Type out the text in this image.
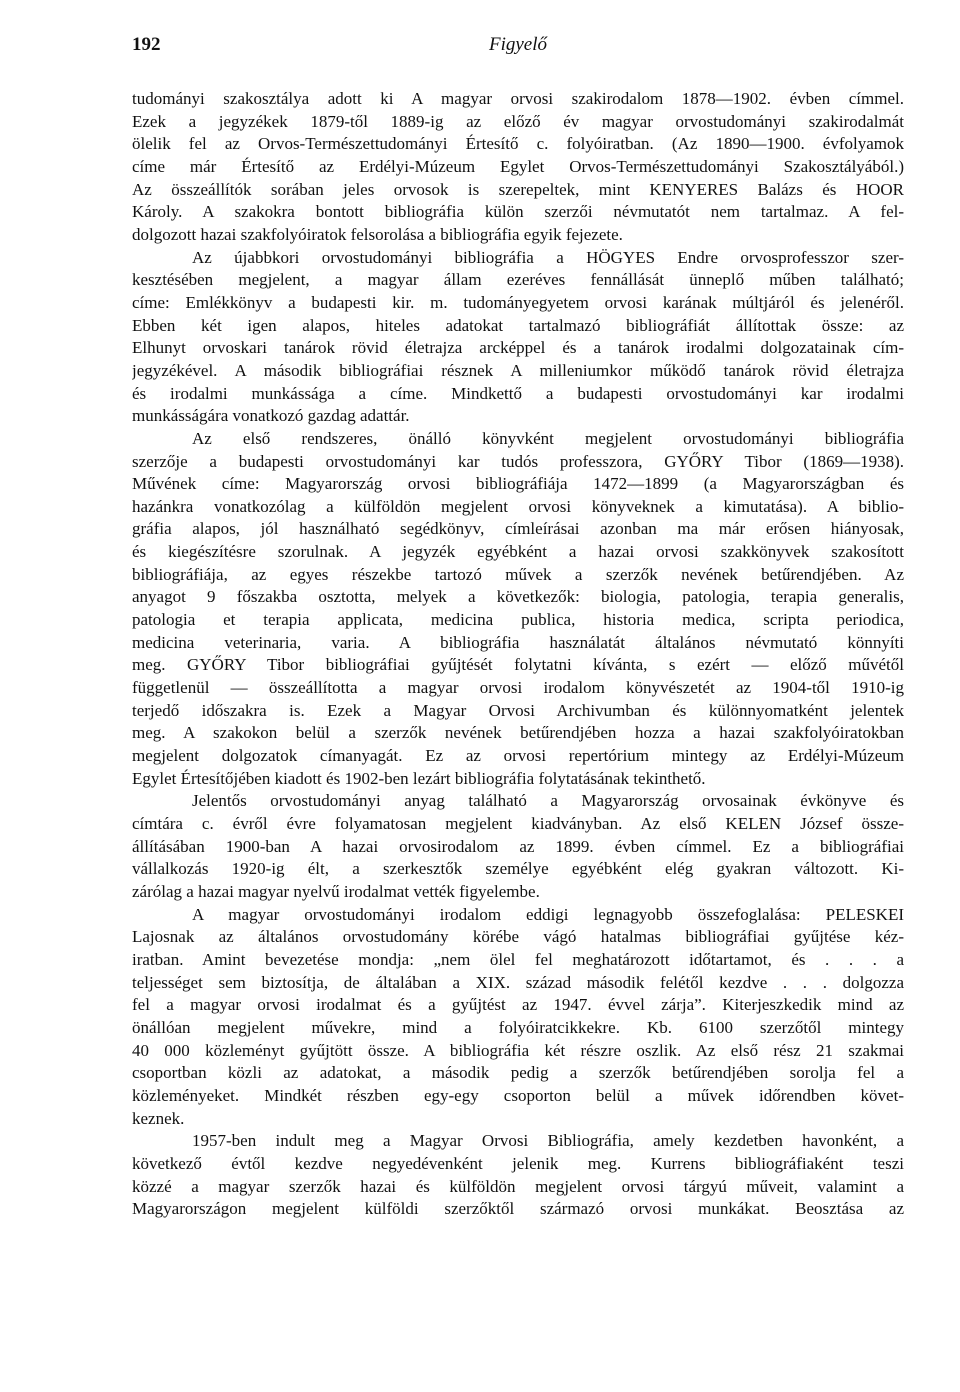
192	Figyelő
tudományi szakosztálya adott ki A magyar orvosi szakirodalom 1878—1902. évben címmel.
Ezek a jegyzékek 1879-től 1889-ig az előző év magyar orvostudományi szakirodalmát
ölelik fel az Orvos-Természettudományi Értesítő c. folyóiratban. (Az 1890—1900. évfolyamok
címe már Értesítő az Erdélyi-Múzeum Egylet Orvos-Természettudományi Szakosztályából.)
Az összeállítók sorában jeles orvosok is szerepeltek, mint KENYERES Balázs és HOOR
Károly. A szakokra bontott bibliográfia külön szerzői névmutatót nem tartalmaz. A fel-
dolgozott hazai szakfolyóiratok felsorolása a bibliográfia egyik fejezete.
Az újabbkori orvostudományi bibliográfia a HÖGYES Endre orvosprofesszor szer-
kesztésében megjelent, a magyar állam ezeréves fennállását ünneplő műben található;
címe: Emlékkönyv a budapesti kir. m. tudományegyetem orvosi karának múltjáról és jelenéről.
Ebben két igen alapos, hiteles adatokat tartalmazó bibliográfiát állítottak össze: az
Elhunyt orvoskari tanárok rövid életrajza arcképpel és a tanárok irodalmi dolgozatainak cím-
jegyzékével. A második bibliográfiai résznek A milleniumkor működő tanárok rövid életrajza
és irodalmi munkássága a címe. Mindkettő a budapesti orvostudományi kar irodalmi
munkásságára vonatkozó gazdag adattár.
Az első rendszeres, önálló könyvként megjelent orvostudományi bibliográfia
szerzője a budapesti orvostudományi kar tudós professzora, GYŐRY Tibor (1869—1938).
Művének címe: Magyarország orvosi bibliográfiája 1472—1899 (a Magyarországban és
hazánkra vonatkozólag a külföldön megjelent orvosi könyveknek a kimutatása). A biblio-
gráfia alapos, jól használható segédkönyv, címleírásai azonban ma már erősen hiányosak,
és kiegészítésre szorulnak. A jegyzék egyébként a hazai orvosi szakkönyvek szakosított
bibliográfiája, az egyes részekbe tartozó művek a szerzők nevének betűrendjében. Az
anyagot 9 főszakba osztotta, melyek a következők: biologia, patologia, terapia generalis,
patologia et terapia applicata, medicina publica, historia medica, scripta periodica,
medicina veterinaria, varia. A bibliográfia használatát általános névmutató könnyíti
meg. GYŐRY Tibor bibliográfiai gyűjtését folytatni kívánta, s ezért — előző művétől
függetlenül — összeállította a magyar orvosi irodalom könyvészetét az 1904-től 1910-ig
terjedő időszakra is. Ezek a Magyar Orvosi Archivumban és különnyomatként jelentek
meg. A szakokon belül a szerzők nevének betűrendjében hozza a hazai szakfolyóiratokban
megjelent dolgozatok címanyagát. Ez az orvosi repertórium mintegy az Erdélyi-Múzeum
Egylet Értesítőjében kiadott és 1902-ben lezárt bibliográfia folytatásának tekinthető.
Jelentős orvostudományi anyag található a Magyarország orvosainak évkönyve és
címtára c. évről évre folyamatosan megjelent kiadványban. Az első KELEN József össze-
állításában 1900-ban A hazai orvosirodalom az 1899. évben címmel. Ez a bibliográfiai
vállalkozás 1920-ig élt, a szerkesztők személye egyébként elég gyakran változott. Ki-
zárólag a hazai magyar nyelvű irodalmat vették figyelembe.
A magyar orvostudományi irodalom eddigi legnagyobb összefoglalása: PELESKEI
Lajosnak az általános orvostudomány körébe vágó hatalmas bibliográfiai gyűjtése kéz-
iratban. Amint bevezetése mondja: „nem ölel fel meghatározott időtartamot, és . . . a
teljességet sem biztosítja, de általában a XIX. század második felétől kezdve . . . dolgozza
fel a magyar orvosi irodalmat és a gyűjtést az 1947. évvel zárja”. Kiterjeszkedik mind az
önállóan megjelent művekre, mind a folyóiratcikkekre. Kb. 6100 szerzőtől mintegy
40 000 közleményt gyűjtött össze. A bibliográfia két részre oszlik. Az első rész 21 szakmai
csoportban közli az adatokat, a második pedig a szerzők betűrendjében sorolja fel a
közleményeket. Mindkét részben egy-egy csoporton belül a művek időrendben követ-
keznek.
1957-ben indult meg a Magyar Orvosi Bibliográfia, amely kezdetben havonként, a
következő évtől kezdve negyedévenként jelenik meg. Kurrens bibliográfiaként teszi
közzé a magyar szerzők hazai és külföldön megjelent orvosi tárgyú műveit, valamint a
Magyarországon megjelent külföldi szerzőktől származó orvosi munkákat. Beosztása az
